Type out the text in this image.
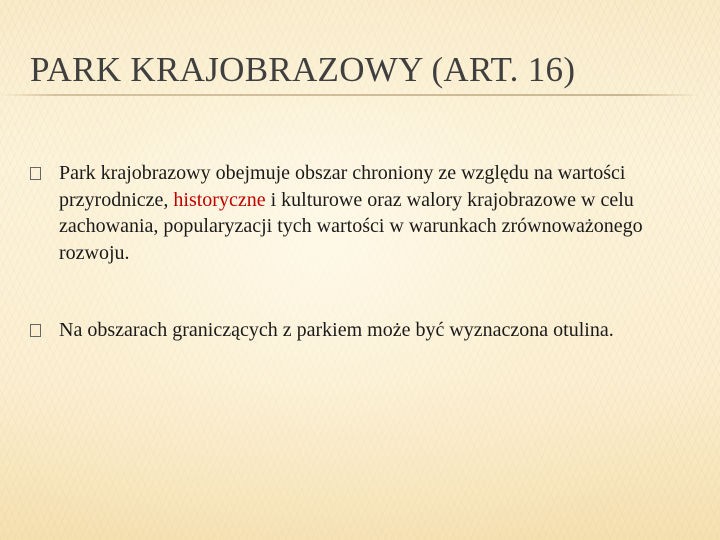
PARK KRAJOBRAZOWY (ART. 16)
Park krajobrazowy obejmuje obszar chroniony ze względu na wartości przyrodnicze, historyczne i kulturowe oraz walory krajobrazowe w celu zachowania, popularyzacji tych wartości w warunkach zrównoważonego rozwoju.
Na obszarach graniczących z parkiem może być wyznaczona otulina.
